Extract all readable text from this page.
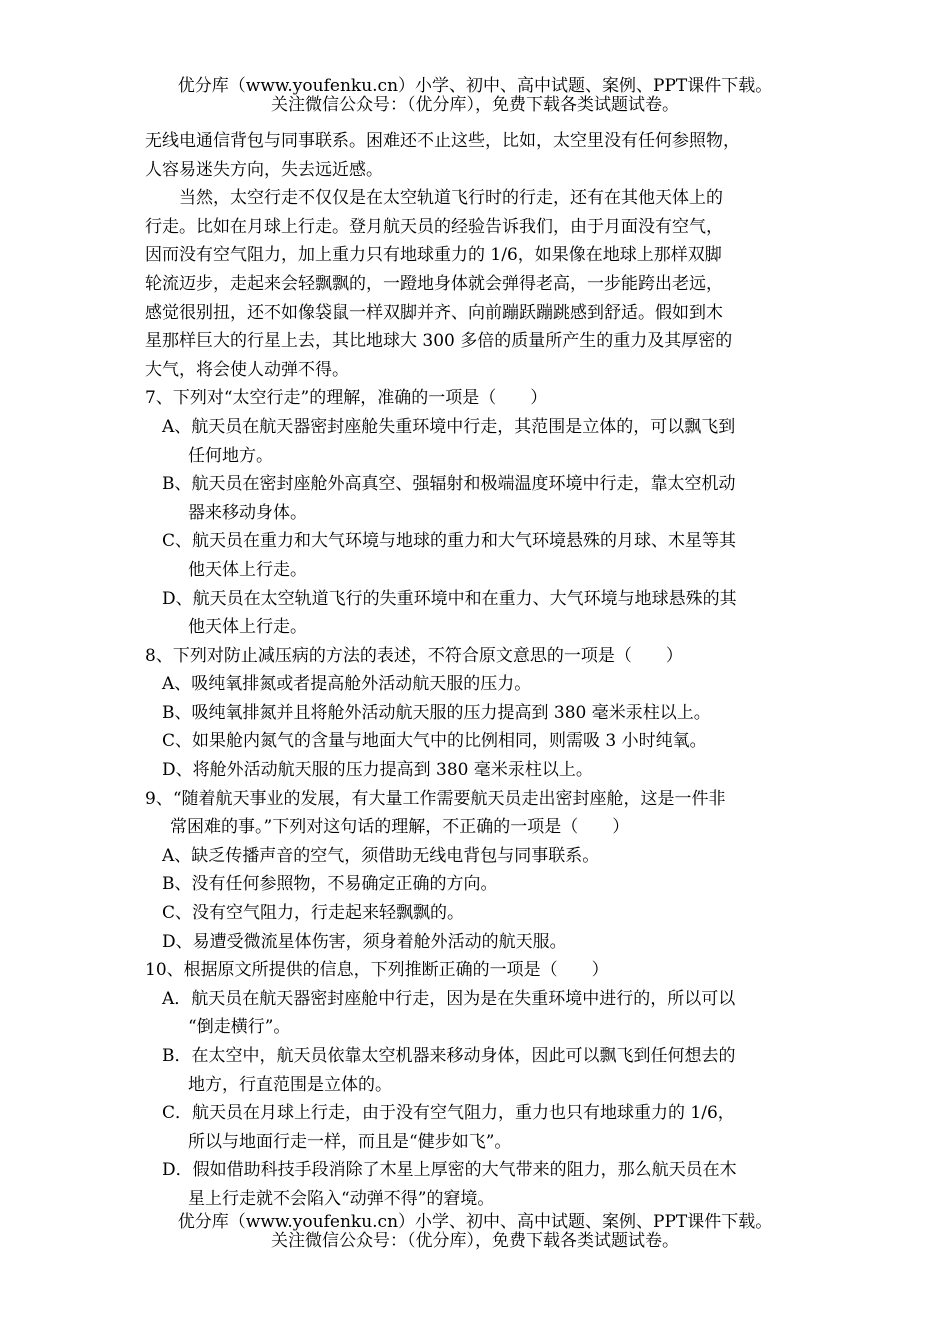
优分库（www.youfenku.cn）小学、初中、高中试题、案例、PPT课件下载。
关注微信公众号：（优分库），免费下载各类试题试卷。
无线电通信背包与同事联系。困难还不止这些，比如，太空里没有任何参照物，
人容易迷失方向，失去远近感。
当然，太空行走不仅仅是在太空轨道飞行时的行走，还有在其他天体上的
行走。比如在月球上行走。登月航天员的经验告诉我们，由于月面没有空气，
因而没有空气阻力，加上重力只有地球重力的 1/6，如果像在地球上那样双脚
轮流迈步，走起来会轻飘飘的，一蹬地身体就会弹得老高，一步能跨出老远，
感觉很别扭，还不如像袋鼠一样双脚并齐、向前蹦跃蹦跳感到舒适。假如到木
星那样巨大的行星上去，其比地球大 300 多倍的质量所产生的重力及其厚密的
大气，将会使人动弹不得。
7、下列对“太空行走”的理解，准确的一项是（　　）
A、航天员在航天器密封座舱失重环境中行走，其范围是立体的，可以飘飞到
任何地方。
B、航天员在密封座舱外高真空、强辐射和极端温度环境中行走，靠太空机动
器来移动身体。
C、航天员在重力和大气环境与地球的重力和大气环境悬殊的月球、木星等其
他天体上行走。
D、航天员在太空轨道飞行的失重环境中和在重力、大气环境与地球悬殊的其
他天体上行走。
8、下列对防止减压病的方法的表述，不符合原文意思的一项是（　　）
A、吸纯氧排氮或者提高舱外活动航天服的压力。
B、吸纯氧排氮并且将舱外活动航天服的压力提高到 380 毫米汞柱以上。
C、如果舱内氮气的含量与地面大气中的比例相同，则需吸 3 小时纯氧。
D、将舱外活动航天服的压力提高到 380 毫米汞柱以上。
9、“随着航天事业的发展，有大量工作需要航天员走出密封座舱，这是一件非
常困难的事。”下列对这句话的理解，不正确的一项是（　　）
A、缺乏传播声音的空气，须借助无线电背包与同事联系。
B、没有任何参照物，不易确定正确的方向。
C、没有空气阻力，行走起来轻飘飘的。
D、易遭受微流星体伤害，须身着舱外活动的航天服。
10、根据原文所提供的信息，下列推断正确的一项是（　　）
A．航天员在航天器密封座舱中行走，因为是在失重环境中进行的，所以可以
“倒走横行”。
B．在太空中，航天员依靠太空机器来移动身体，因此可以飘飞到任何想去的
地方，行直范围是立体的。
C．航天员在月球上行走，由于没有空气阻力，重力也只有地球重力的 1/6，
所以与地面行走一样，而且是“健步如飞”。
D．假如借助科技手段消除了木星上厚密的大气带来的阻力，那么航天员在木
星上行走就不会陷入“动弹不得”的窘境。
优分库（www.youfenku.cn）小学、初中、高中试题、案例、PPT课件下载。
关注微信公众号：（优分库），免费下载各类试题试卷。
